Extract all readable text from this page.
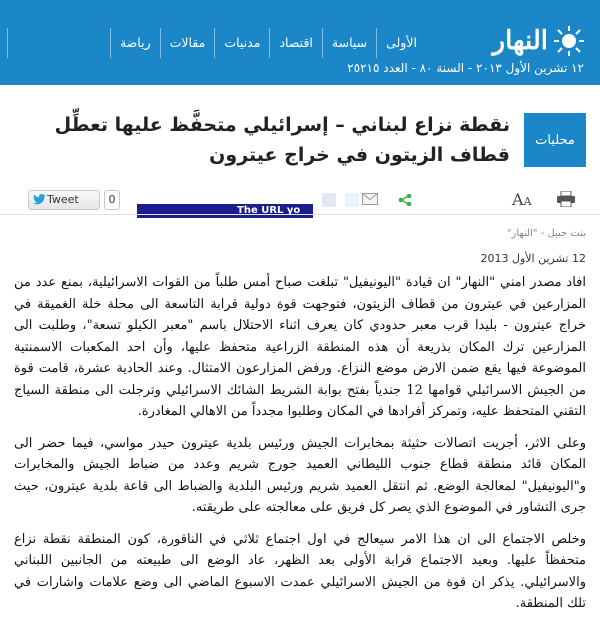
الأولى
سياسة
اقتصاد
مدنيات
مقالات
رياضة	النهار
١٢ تشرين الأول ٢٠١٣ - السنة ٨٠ - العدد ٢٥٢١٥
محليات
نقطة نزاع لبناني – إسرائيلي متحفَّظ عليها تعطِّل قطاف الزيتون في خراج عيترون
Tweet	0
The URL yo
AA
بنت جبيل - "النهار"
12 تشرين الأول 2013

افاد مصدر امني "النهار" ان قيادة "اليونيفيل" تبلغت صباح أمس طلباً من القوات الاسرائيلية، بمنع عدد من المزارعين في عيترون من قطاف الزيتون، فتوجهت قوة دولية قرابة التاسعة الى محلة خلة الغميقة في خراج عيترون - بليدا قرب معبر حدودي كان يعرف اثناء الاحتلال باسم "معبر الكيلو تسعة"، وطلبت الى المزارعين ترك المكان بذريعة أن هذه المنطقة الزراعية متحفظ عليها، وأن احد المكعبات الاسمنتية الموضوعة فيها يقع ضمن الارض موضع النزاع. ورفض المزارعون الامتثال. وعند الحادية عشرة، قامت قوة من الجيش الاسرائيلي قوامها 12 جندياً بفتح بوابة الشريط الشائك الاسرائيلي وترجلت الى منطقة السياج التقني المتحفظ عليه، وتمركز أفرادها في المكان وطلبوا مجدداً من الاهالي المغادرة.

وعلى الاثر، أجريت اتصالات حثيثة بمخابرات الجيش ورئيس بلدية عيترون حيدر مواسي، فيما حضر الى المكان قائد منطقة قطاع جنوب الليطاني العميد جورج شريم وعدد من ضباط الجيش والمخابرات و"اليونيفيل" لمعالجة الوضع. ثم انتقل العميد شريم ورئيس البلدية والضباط الى قاعة بلدية عيترون، حيث جرى التشاور في الموضوع الذي يصر كل فريق على معالجته على طريقته.

وخلص الاجتماع الى ان هذا الامر سيعالج في اول اجتماع ثلاثي في الناقورة، كون المنطقة نقطة نزاع متحفظاً عليها. وبعيد الاجتماع قرابة الأولى بعد الظهر، عاد الوضع الى طبيعته من الجانبين اللبناني والاسرائيلي. يذكر ان قوة من الجيش الاسرائيلي عمدت الاسبوع الماضي الى وضع علامات واشارات في تلك المنطقة.
